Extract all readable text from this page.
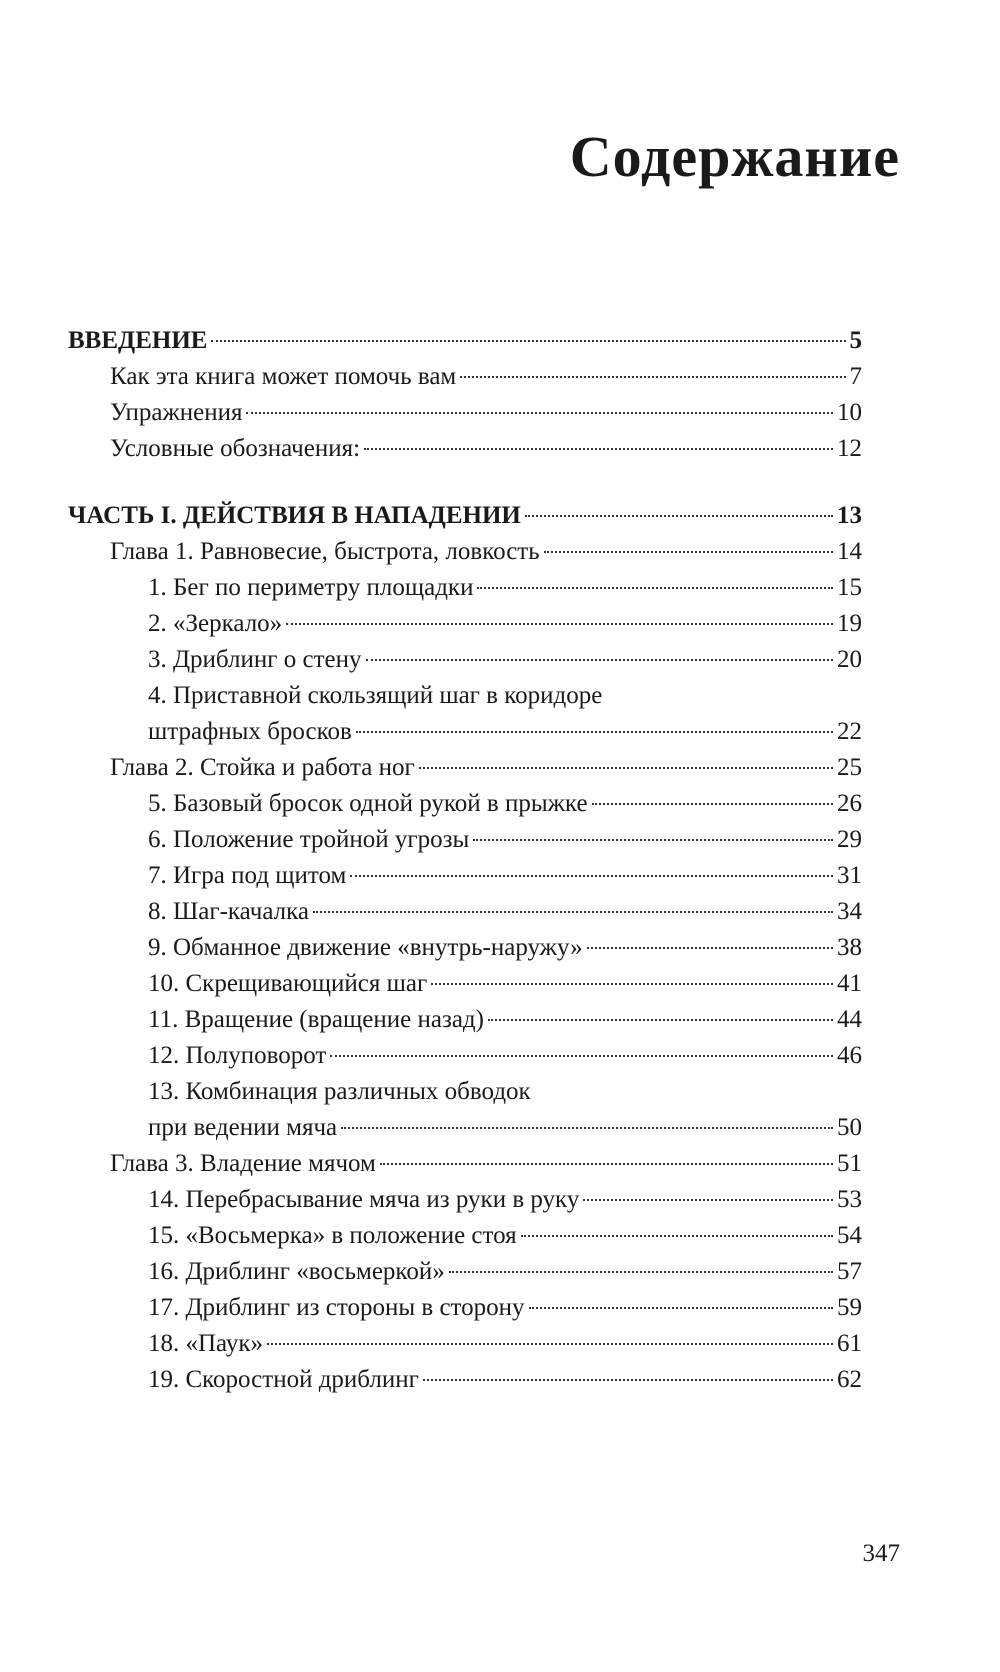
Содержание
ВВЕДЕНИЕ	5
Как эта книга может помочь вам	7
Упражнения	10
Условные обозначения:	12
ЧАСТЬ I. ДЕЙСТВИЯ В НАПАДЕНИИ	13
Глава 1. Равновесие, быстрота, ловкость	14
1. Бег по периметру площадки	15
2. «Зеркало»	19
3. Дриблинг о стену	20
4. Приставной скользящий шаг в коридоре
штрафных бросков	22
Глава 2. Стойка и работа ног	25
5. Базовый бросок одной рукой в прыжке	26
6. Положение тройной угрозы	29
7. Игра под щитом	31
8. Шаг-качалка	34
9. Обманное движение «внутрь-наружу»	38
10. Скрещивающийся шаг	41
11. Вращение (вращение назад)	44
12. Полуповорот	46
13. Комбинация различных обводок
при ведении мяча	50
Глава 3. Владение мячом	51
14. Перебрасывание мяча из руки в руку	53
15. «Восьмерка» в положение стоя	54
16. Дриблинг «восьмеркой»	57
17. Дриблинг из стороны в сторону	59
18. «Паук»	61
19. Скоростной дриблинг	62
347
